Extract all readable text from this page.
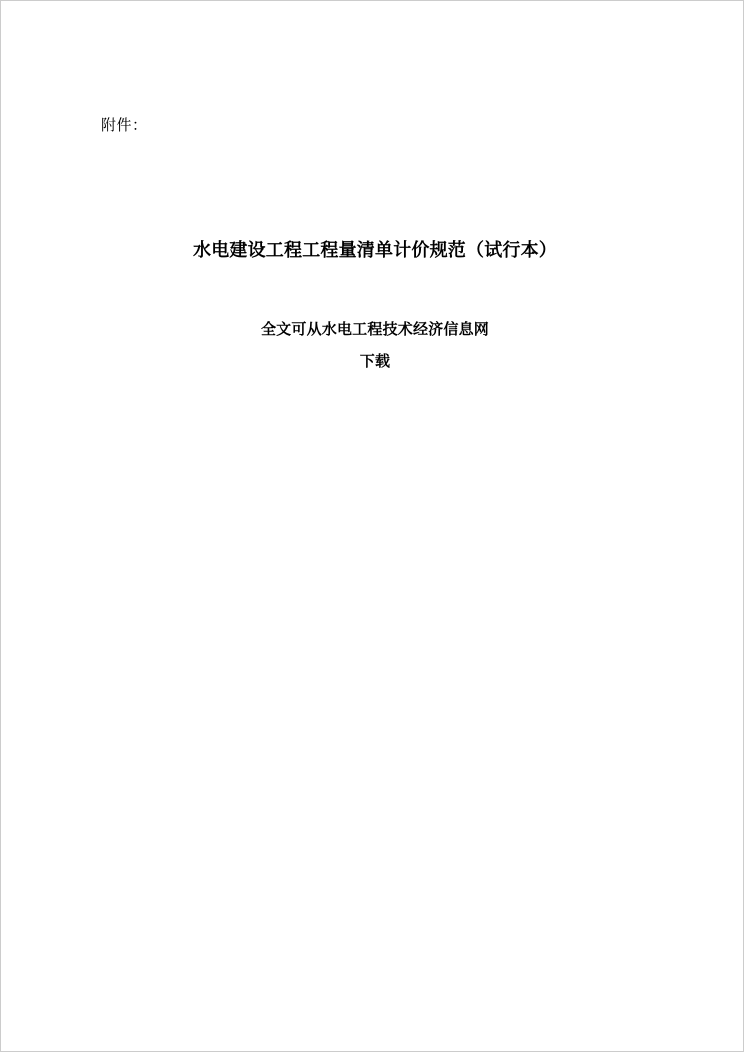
附件：

水电建设工程工程量清单计价规范（试行本）

全文可从水电工程技术经济信息网

下载
